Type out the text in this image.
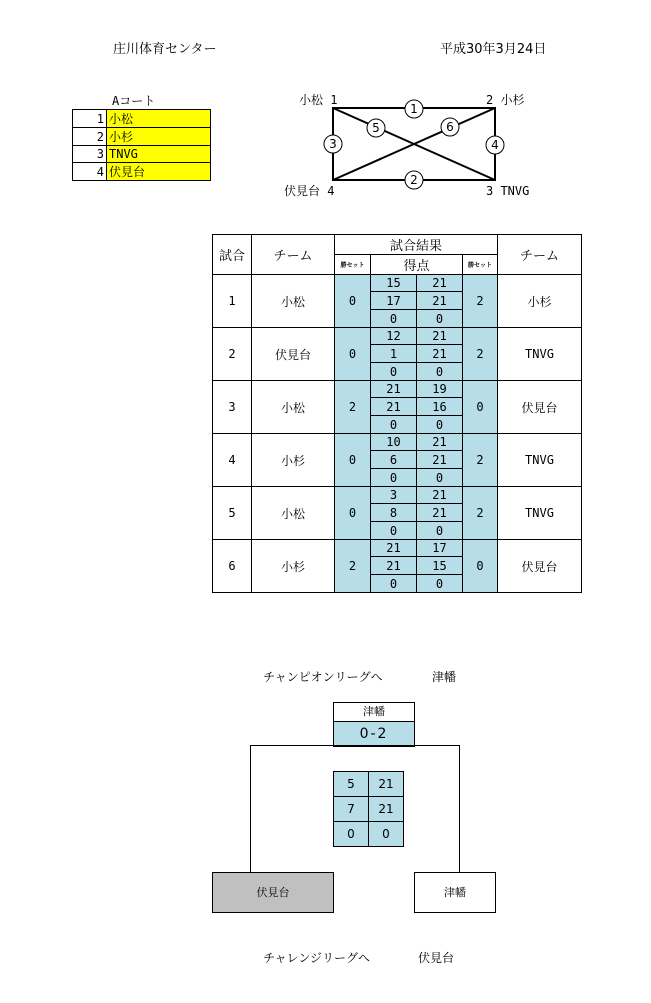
庄川体育センター	平成30年3月24日
Aコート
1	小松
2	小杉
3	TNVG
4	伏見台
小松 1	2 小杉
伏見台 4	3 TNVG
1
2
3	4
5	6
試合	チーム	試合結果				チーム
		勝セット	得点		勝セット	
1	小松	0	15	21	2	小杉
			17	21		
			0	0		
2	伏見台	0	12	21	2	TNVG
			1	21		
			0	0		
3	小松	2	21	19	0	伏見台
			21	16		
			0	0		
4	小杉	0	10	21	2	TNVG
			6	21		
			0	0		
5	小松	0	3	21	2	TNVG
			8	21		
			0	0		
6	小杉	2	21	17	0	伏見台
			21	15		
			0	0		
チャンピオンリーグへ	津幡
津幡
0-2
5	21
7	21
0	0
伏見台	津幡
チャレンジリーグへ	伏見台
